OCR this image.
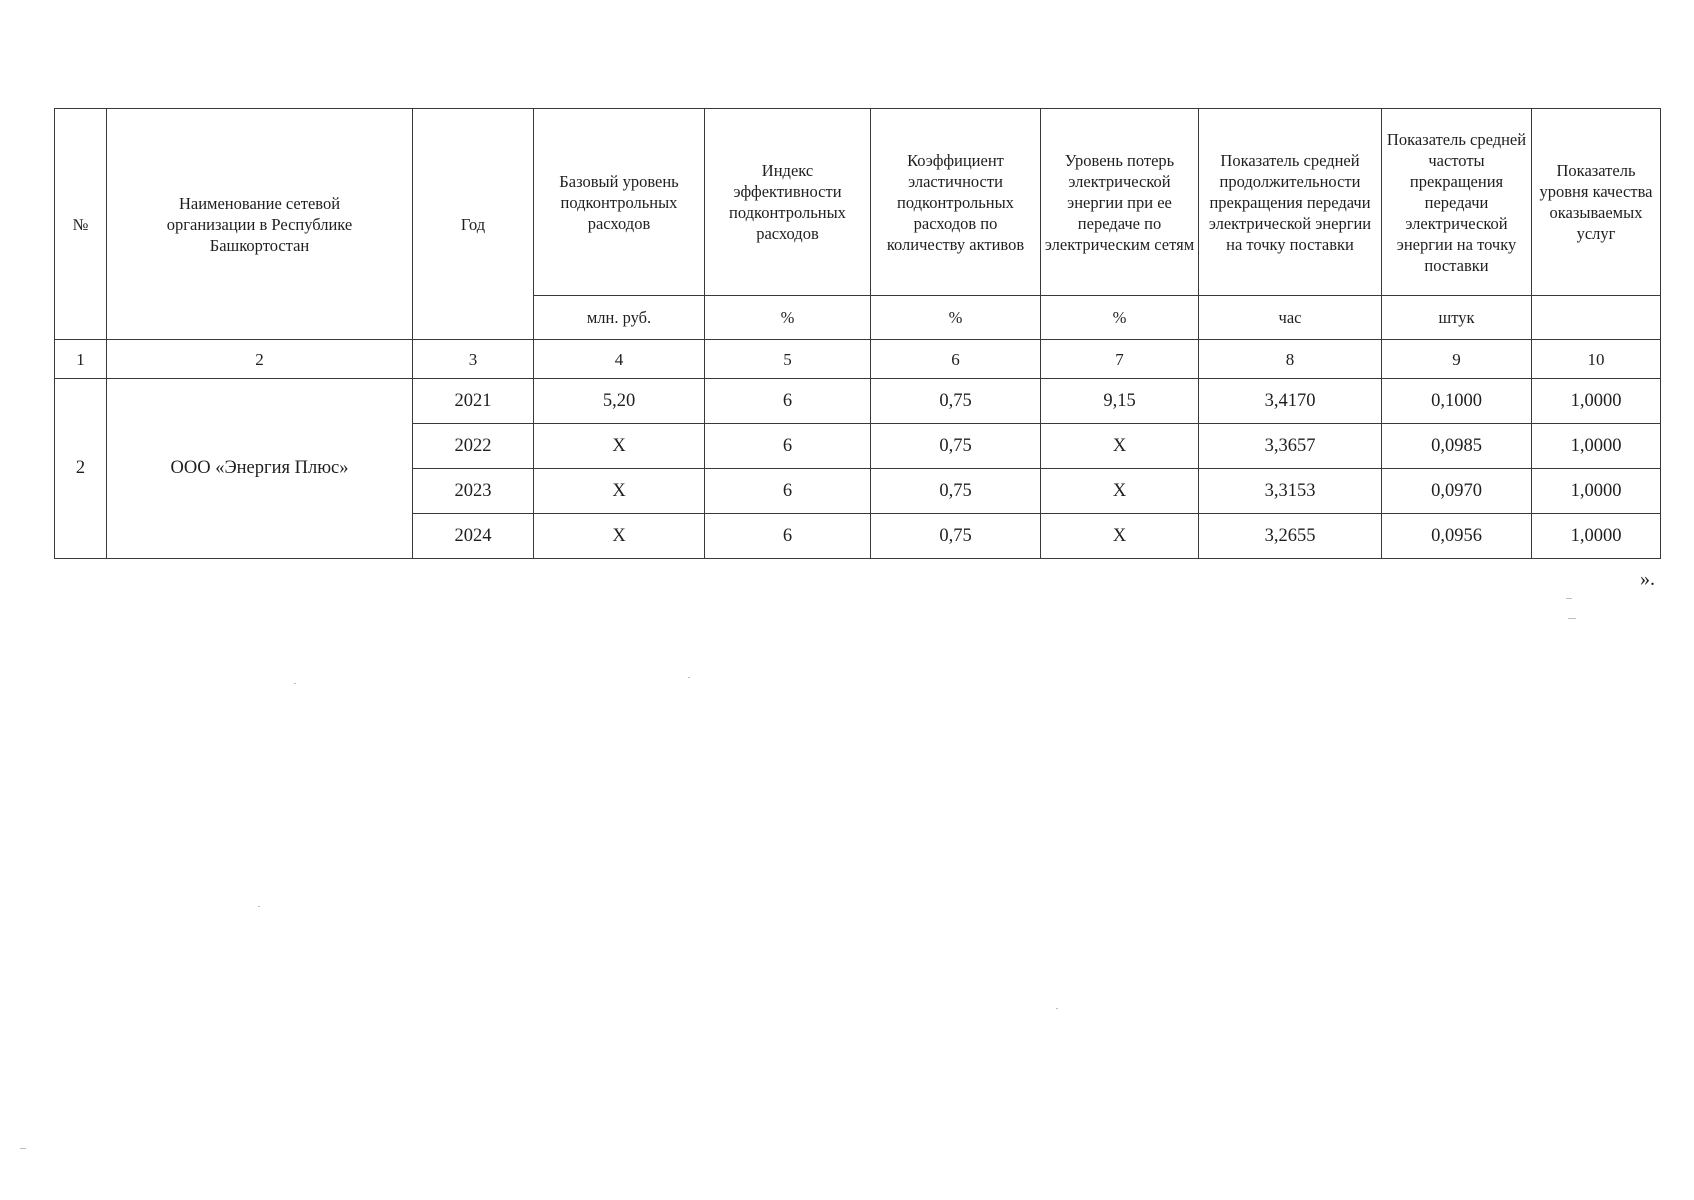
№	Наименование сетевой организации в Республике Башкортостан	Год	Базовый уровень подконтрольных расходов	Индекс эффективности подконтрольных расходов	Коэффициент эластичности подконтрольных расходов по количеству активов	Уровень потерь электрической энергии при ее передаче по электрическим сетям	Показатель средней продолжительности прекращения передачи электрической энергии на точку поставки	Показатель средней частоты прекращения передачи электрической энергии на точку поставки	Показатель уровня качества оказываемых услуг
			млн. руб.	%	%	%	час	штук	
1	2	3	4	5	6	7	8	9	10
2	ООО «Энергия Плюс»	2021	5,20	6	0,75	9,15	3,4170	0,1000	1,0000
		2022	Х	6	0,75	Х	3,3657	0,0985	1,0000
		2023	Х	6	0,75	Х	3,3153	0,0970	1,0000
		2024	Х	6	0,75	Х	3,2655	0,0956	1,0000
».
